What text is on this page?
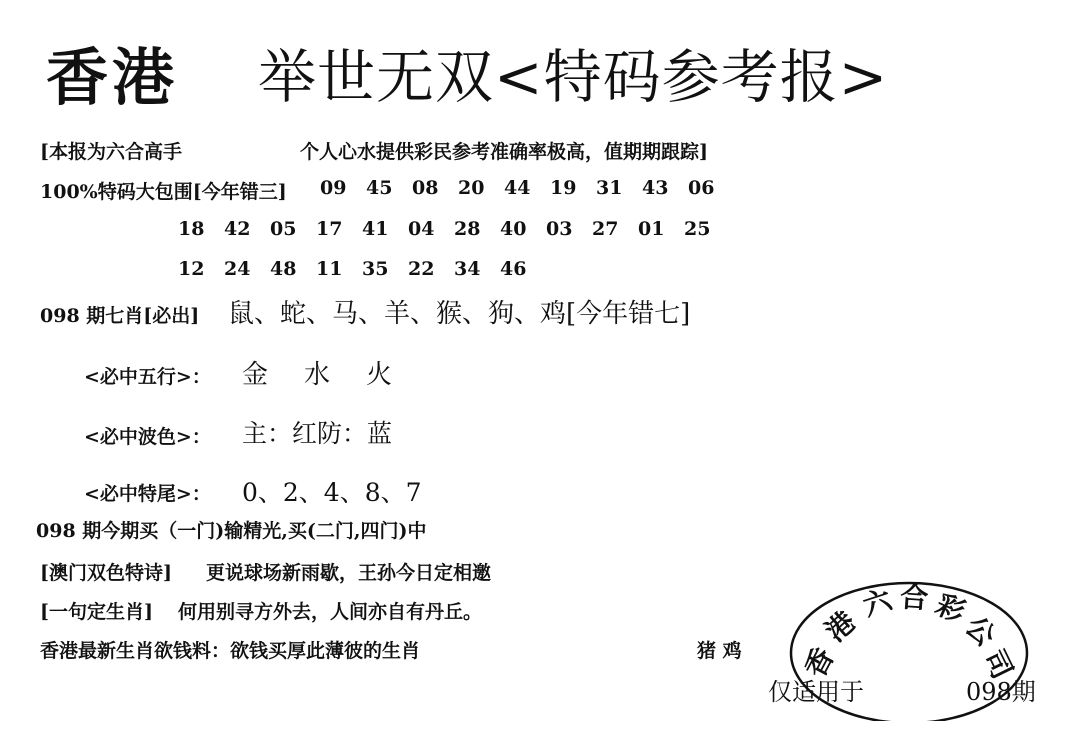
香港 举世无双<特码参考报>
[本报为六合高手	个人心水提供彩民参考准确率极高，值期期跟踪]
100%特码大包围[今年错三] 09 45 08 20 44 19 31 43 06
18 42 05 17 41 04 28 40 03 27 01 25
12 24 48 11 35 22 34 46
098 期七肖[必出] 鼠、蛇、马、羊、猴、狗、鸡[今年错七]
<必中五行>： 金 水 火
<必中波色>： 主：红防：蓝
<必中特尾>： 0、2、4、8、7
098 期今期买（一门)输精光,买(二门,四门)中
[澳门双色特诗] 更说球场新雨歇，王孙今日定相邀
[一句定生肖] 何用别寻方外去，人间亦自有丹丘。
香港最新生肖欲钱料：欲钱买厚此薄彼的生肖	猪 鸡
仅适用于	098期
香
港
六 合 彩
公
司
